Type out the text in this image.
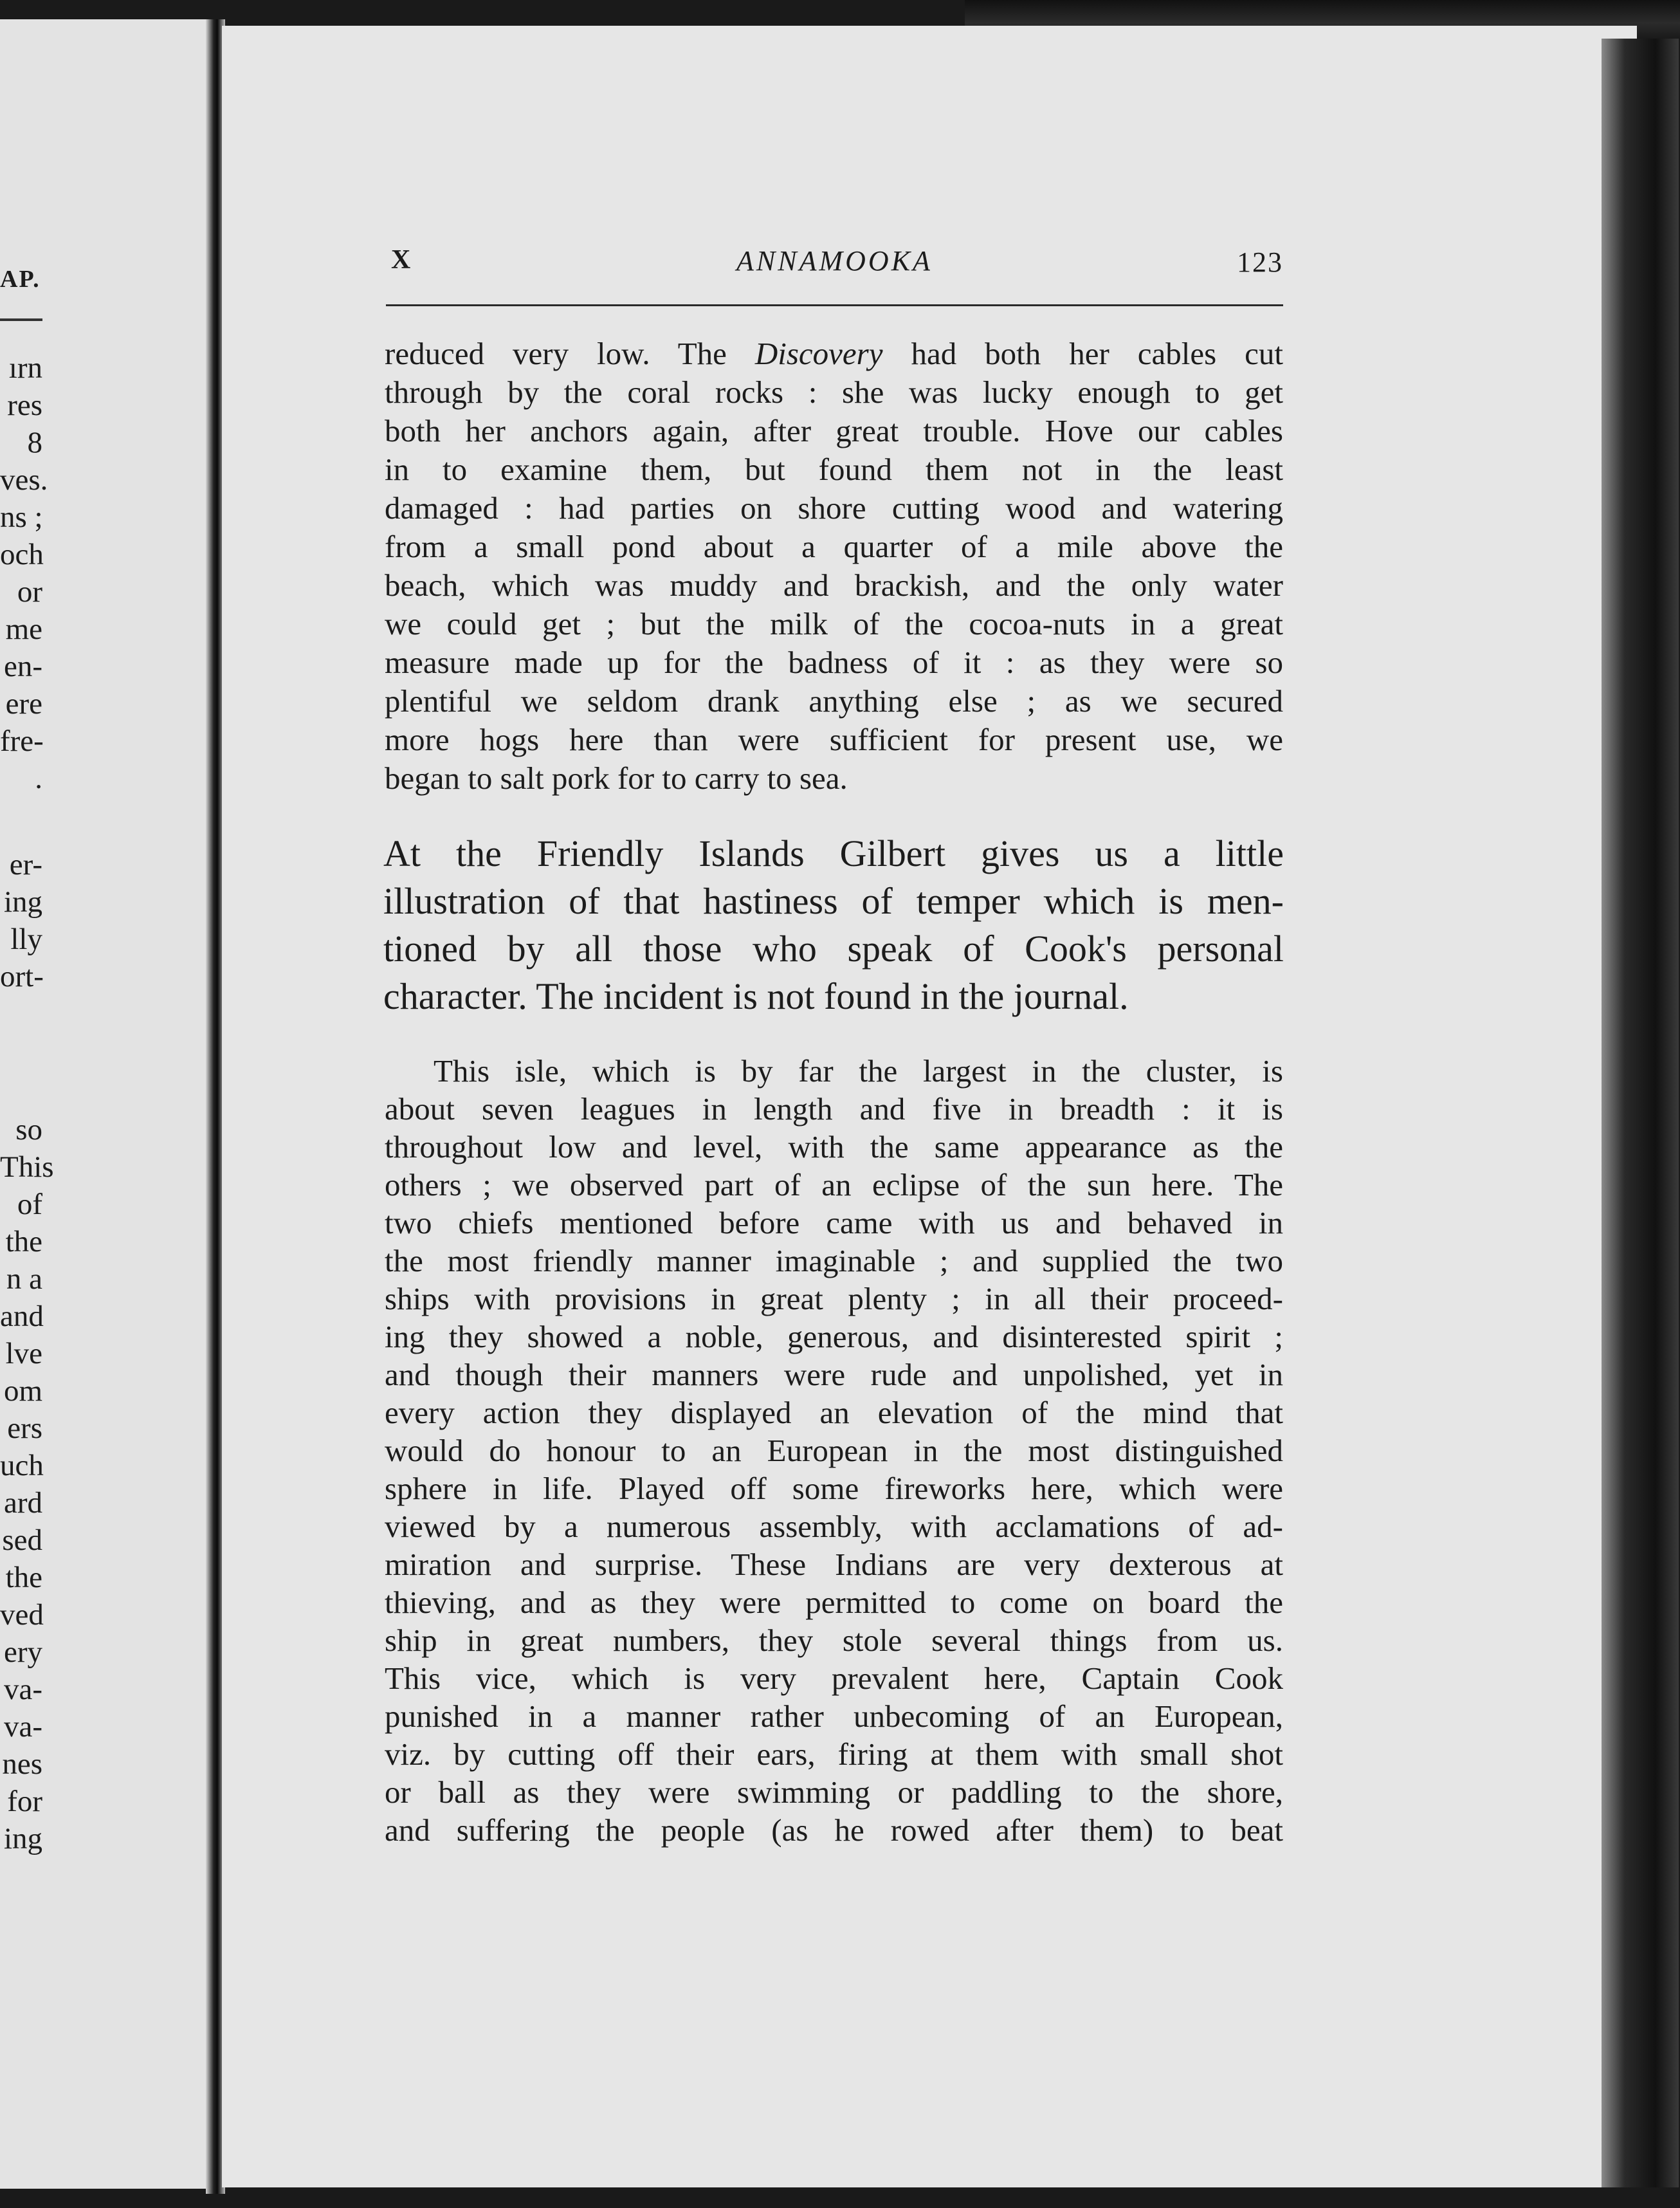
AP.
ırn
res
8
ves.
ns ;
och
or
me
en-
ere
fre-
.
er-
ing
lly
ort-
so
This
of
the
n a
and
lve
om
ers
uch
ard
sed
the
ved
ery
va-
va-
nes
for
ing
X	ANNAMOOKA	123
reduced very low. The Discovery had both her cables cut
through by the coral rocks : she was lucky enough to get
both her anchors again, after great trouble. Hove our cables
in to examine them, but found them not in the least
damaged : had parties on shore cutting wood and watering
from a small pond about a quarter of a mile above the
beach, which was muddy and brackish, and the only water
we could get ; but the milk of the cocoa-nuts in a great
measure made up for the badness of it : as they were so
plentiful we seldom drank anything else ; as we secured
more hogs here than were sufficient for present use, we
began to salt pork for to carry to sea.
At the Friendly Islands Gilbert gives us a little
illustration of that hastiness of temper which is men-
tioned by all those who speak of Cook's personal
character. The incident is not found in the journal.
This isle, which is by far the largest in the cluster, is
about seven leagues in length and five in breadth : it is
throughout low and level, with the same appearance as the
others ; we observed part of an eclipse of the sun here. The
two chiefs mentioned before came with us and behaved in
the most friendly manner imaginable ; and supplied the two
ships with provisions in great plenty ; in all their proceed-
ing they showed a noble, generous, and disinterested spirit ;
and though their manners were rude and unpolished, yet in
every action they displayed an elevation of the mind that
would do honour to an European in the most distinguished
sphere in life. Played off some fireworks here, which were
viewed by a numerous assembly, with acclamations of ad-
miration and surprise. These Indians are very dexterous at
thieving, and as they were permitted to come on board the
ship in great numbers, they stole several things from us.
This vice, which is very prevalent here, Captain Cook
punished in a manner rather unbecoming of an European,
viz. by cutting off their ears, firing at them with small shot
or ball as they were swimming or paddling to the shore,
and suffering the people (as he rowed after them) to beat
